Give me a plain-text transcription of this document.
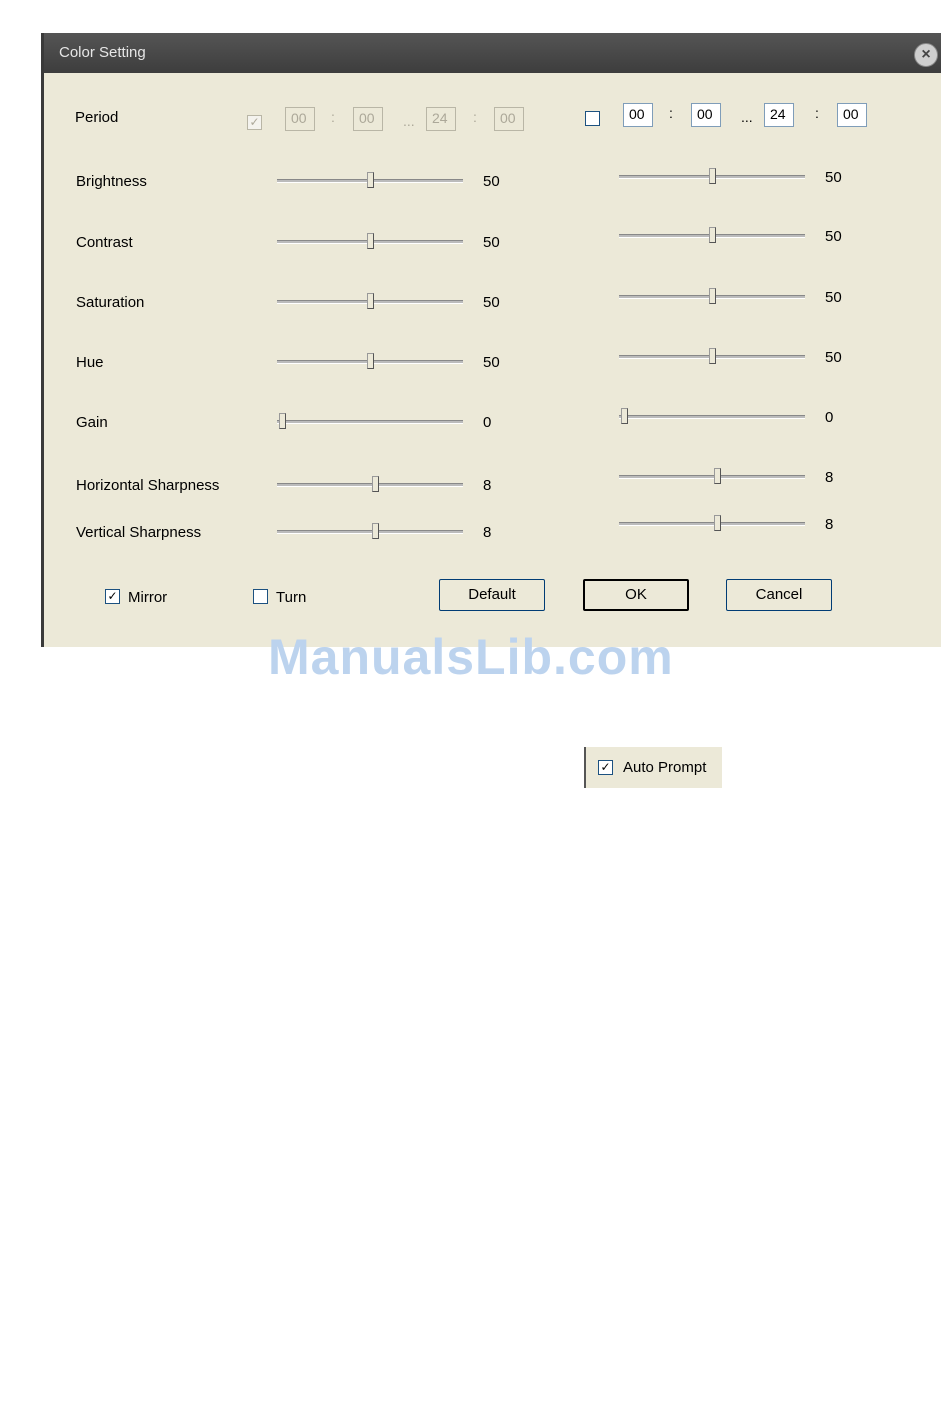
Color Setting	×
Period	✓	00	:	00	...	24	:	00	00	:	00	...	24	:	00
Brightness	50	50
Contrast	50	50
Saturation	50	50
Hue	50	50
Gain	0	0
Horizontal Sharpness	8	8
Vertical Sharpness	8	8
✓ Mirror	Turn	Default	OK	Cancel
ManualsLib.com
✓ Auto Prompt
